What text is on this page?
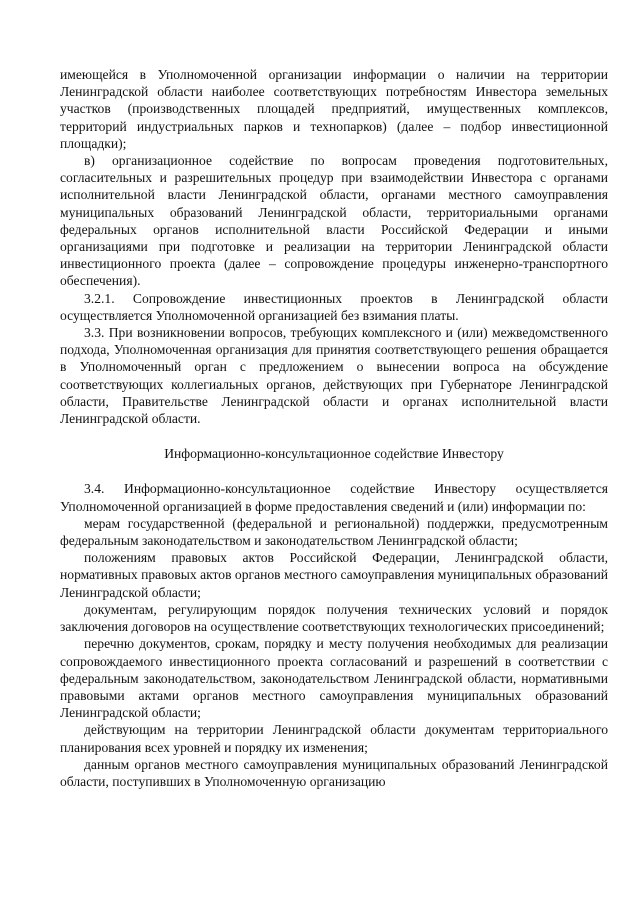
имеющейся в Уполномоченной организации информации о наличии на территории Ленинградской области наиболее соответствующих потребностям Инвестора земельных участков (производственных площадей предприятий, имущественных комплексов, территорий индустриальных парков и технопарков) (далее – подбор инвестиционной площадки);

в) организационное содействие по вопросам проведения подготовительных, согласительных и разрешительных процедур при взаимодействии Инвестора с органами исполнительной власти Ленинградской области, органами местного самоуправления муниципальных образований Ленинградской области, территориальными органами федеральных органов исполнительной власти Российской Федерации и иными организациями при подготовке и реализации на территории Ленинградской области инвестиционного проекта (далее – сопровождение процедуры инженерно-транспортного обеспечения).

3.2.1. Сопровождение инвестиционных проектов в Ленинградской области осуществляется Уполномоченной организацией без взимания платы.

3.3. При возникновении вопросов, требующих комплексного и (или) межведомственного подхода, Уполномоченная организация для принятия соответствующего решения обращается в Уполномоченный орган с предложением о вынесении вопроса на обсуждение соответствующих коллегиальных органов, действующих при Губернаторе Ленинградской области, Правительстве Ленинградской области и органах исполнительной власти Ленинградской области.

Информационно-консультационное содействие Инвестору

3.4. Информационно-консультационное содействие Инвестору осуществляется Уполномоченной организацией в форме предоставления сведений и (или) информации по:

мерам государственной (федеральной и региональной) поддержки, предусмотренным федеральным законодательством и законодательством Ленинградской области;

положениям правовых актов Российской Федерации, Ленинградской области, нормативных правовых актов органов местного самоуправления муниципальных образований Ленинградской области;

документам, регулирующим порядок получения технических условий и порядок заключения договоров на осуществление соответствующих технологических присоединений;

перечню документов, срокам, порядку и месту получения необходимых для реализации сопровождаемого инвестиционного проекта согласований и разрешений в соответствии с федеральным законодательством, законодательством Ленинградской области, нормативными правовыми актами органов местного самоуправления муниципальных образований Ленинградской области;

действующим на территории Ленинградской области документам территориального планирования всех уровней и порядку их изменения;

данным органов местного самоуправления муниципальных образований Ленинградской области, поступивших в Уполномоченную организацию
